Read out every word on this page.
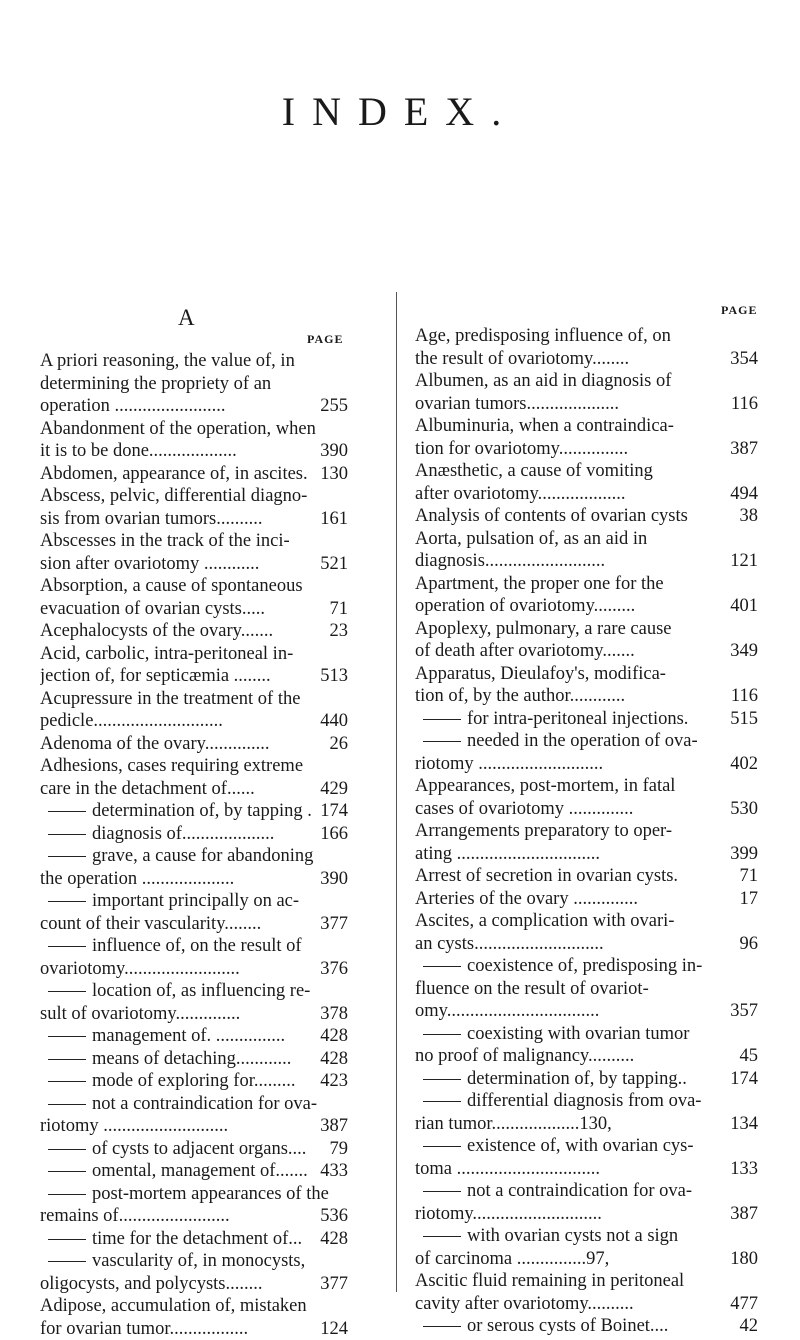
INDEX.
A
PAGE
PAGE
A priori reasoning, the value of, in
determining the propriety of an
255
operation ........................
Abandonment of the operation, when
390
it is to be done...................
130
Abdomen, appearance of, in ascites.
Abscess, pelvic, differential diagno-
161
sis from ovarian tumors..........
Abscesses in the track of the inci-
521
sion after ovariotomy ............
Absorption, a cause of spontaneous
71
evacuation of ovarian cysts.....
23
Acephalocysts of the ovary.......
Acid, carbolic, intra-peritoneal in-
513
jection of, for septicæmia ........
Acupressure in the treatment of the
440
pedicle............................
26
Adenoma of the ovary..............
Adhesions, cases requiring extreme
429
care in the detachment of......
174
determination of, by tapping .
166
diagnosis of....................
grave, a cause for abandoning
390
the operation ....................
important principally on ac-
377
count of their vascularity........
influence of, on the result of
376
ovariotomy.........................
location of, as influencing re-
378
sult of ovariotomy..............
428
management of. ...............
428
means of detaching............
423
mode of exploring for.........
not a contraindication for ova-
387
riotomy ...........................
79
of cysts to adjacent organs....
433
omental, management of.......
post-mortem appearances of the
536
remains of........................
428
time for the detachment of...
vascularity of, in monocysts,
377
oligocysts, and polycysts........
Adipose, accumulation of, mistaken
124
for ovarian tumor.................
Age, predisposing influence of, on
354
the result of ovariotomy........
Albumen, as an aid in diagnosis of
116
ovarian tumors....................
Albuminuria, when a contraindica-
387
tion for ovariotomy...............
Anæsthetic, a cause of vomiting
494
after ovariotomy...................
38
Analysis of contents of ovarian cysts
Aorta, pulsation of, as an aid in
121
diagnosis..........................
Apartment, the proper one for the
401
operation of ovariotomy.........
Apoplexy, pulmonary, a rare cause
349
of death after ovariotomy.......
Apparatus, Dieulafoy's, modifica-
116
tion of, by the author............
515
for intra-peritoneal injections.
needed in the operation of ova-
402
riotomy ...........................
Appearances, post-mortem, in fatal
530
cases of ovariotomy ..............
Arrangements preparatory to oper-
399
ating ...............................
71
Arrest of secretion in ovarian cysts.
17
Arteries of the ovary ..............
Ascites, a complication with ovari-
96
an cysts............................
coexistence of, predisposing in-
fluence on the result of ovariot-
357
omy.................................
coexisting with ovarian tumor
45
no proof of malignancy..........
174
determination of, by tapping..
differential diagnosis from ova-
134
rian tumor...................130,
existence of, with ovarian cys-
133
toma ...............................
not a contraindication for ova-
387
riotomy............................
with ovarian cysts not a sign
180
of carcinoma ...............97,
Ascitic fluid remaining in peritoneal
477
cavity after ovariotomy..........
42
or serous cysts of Boinet....
